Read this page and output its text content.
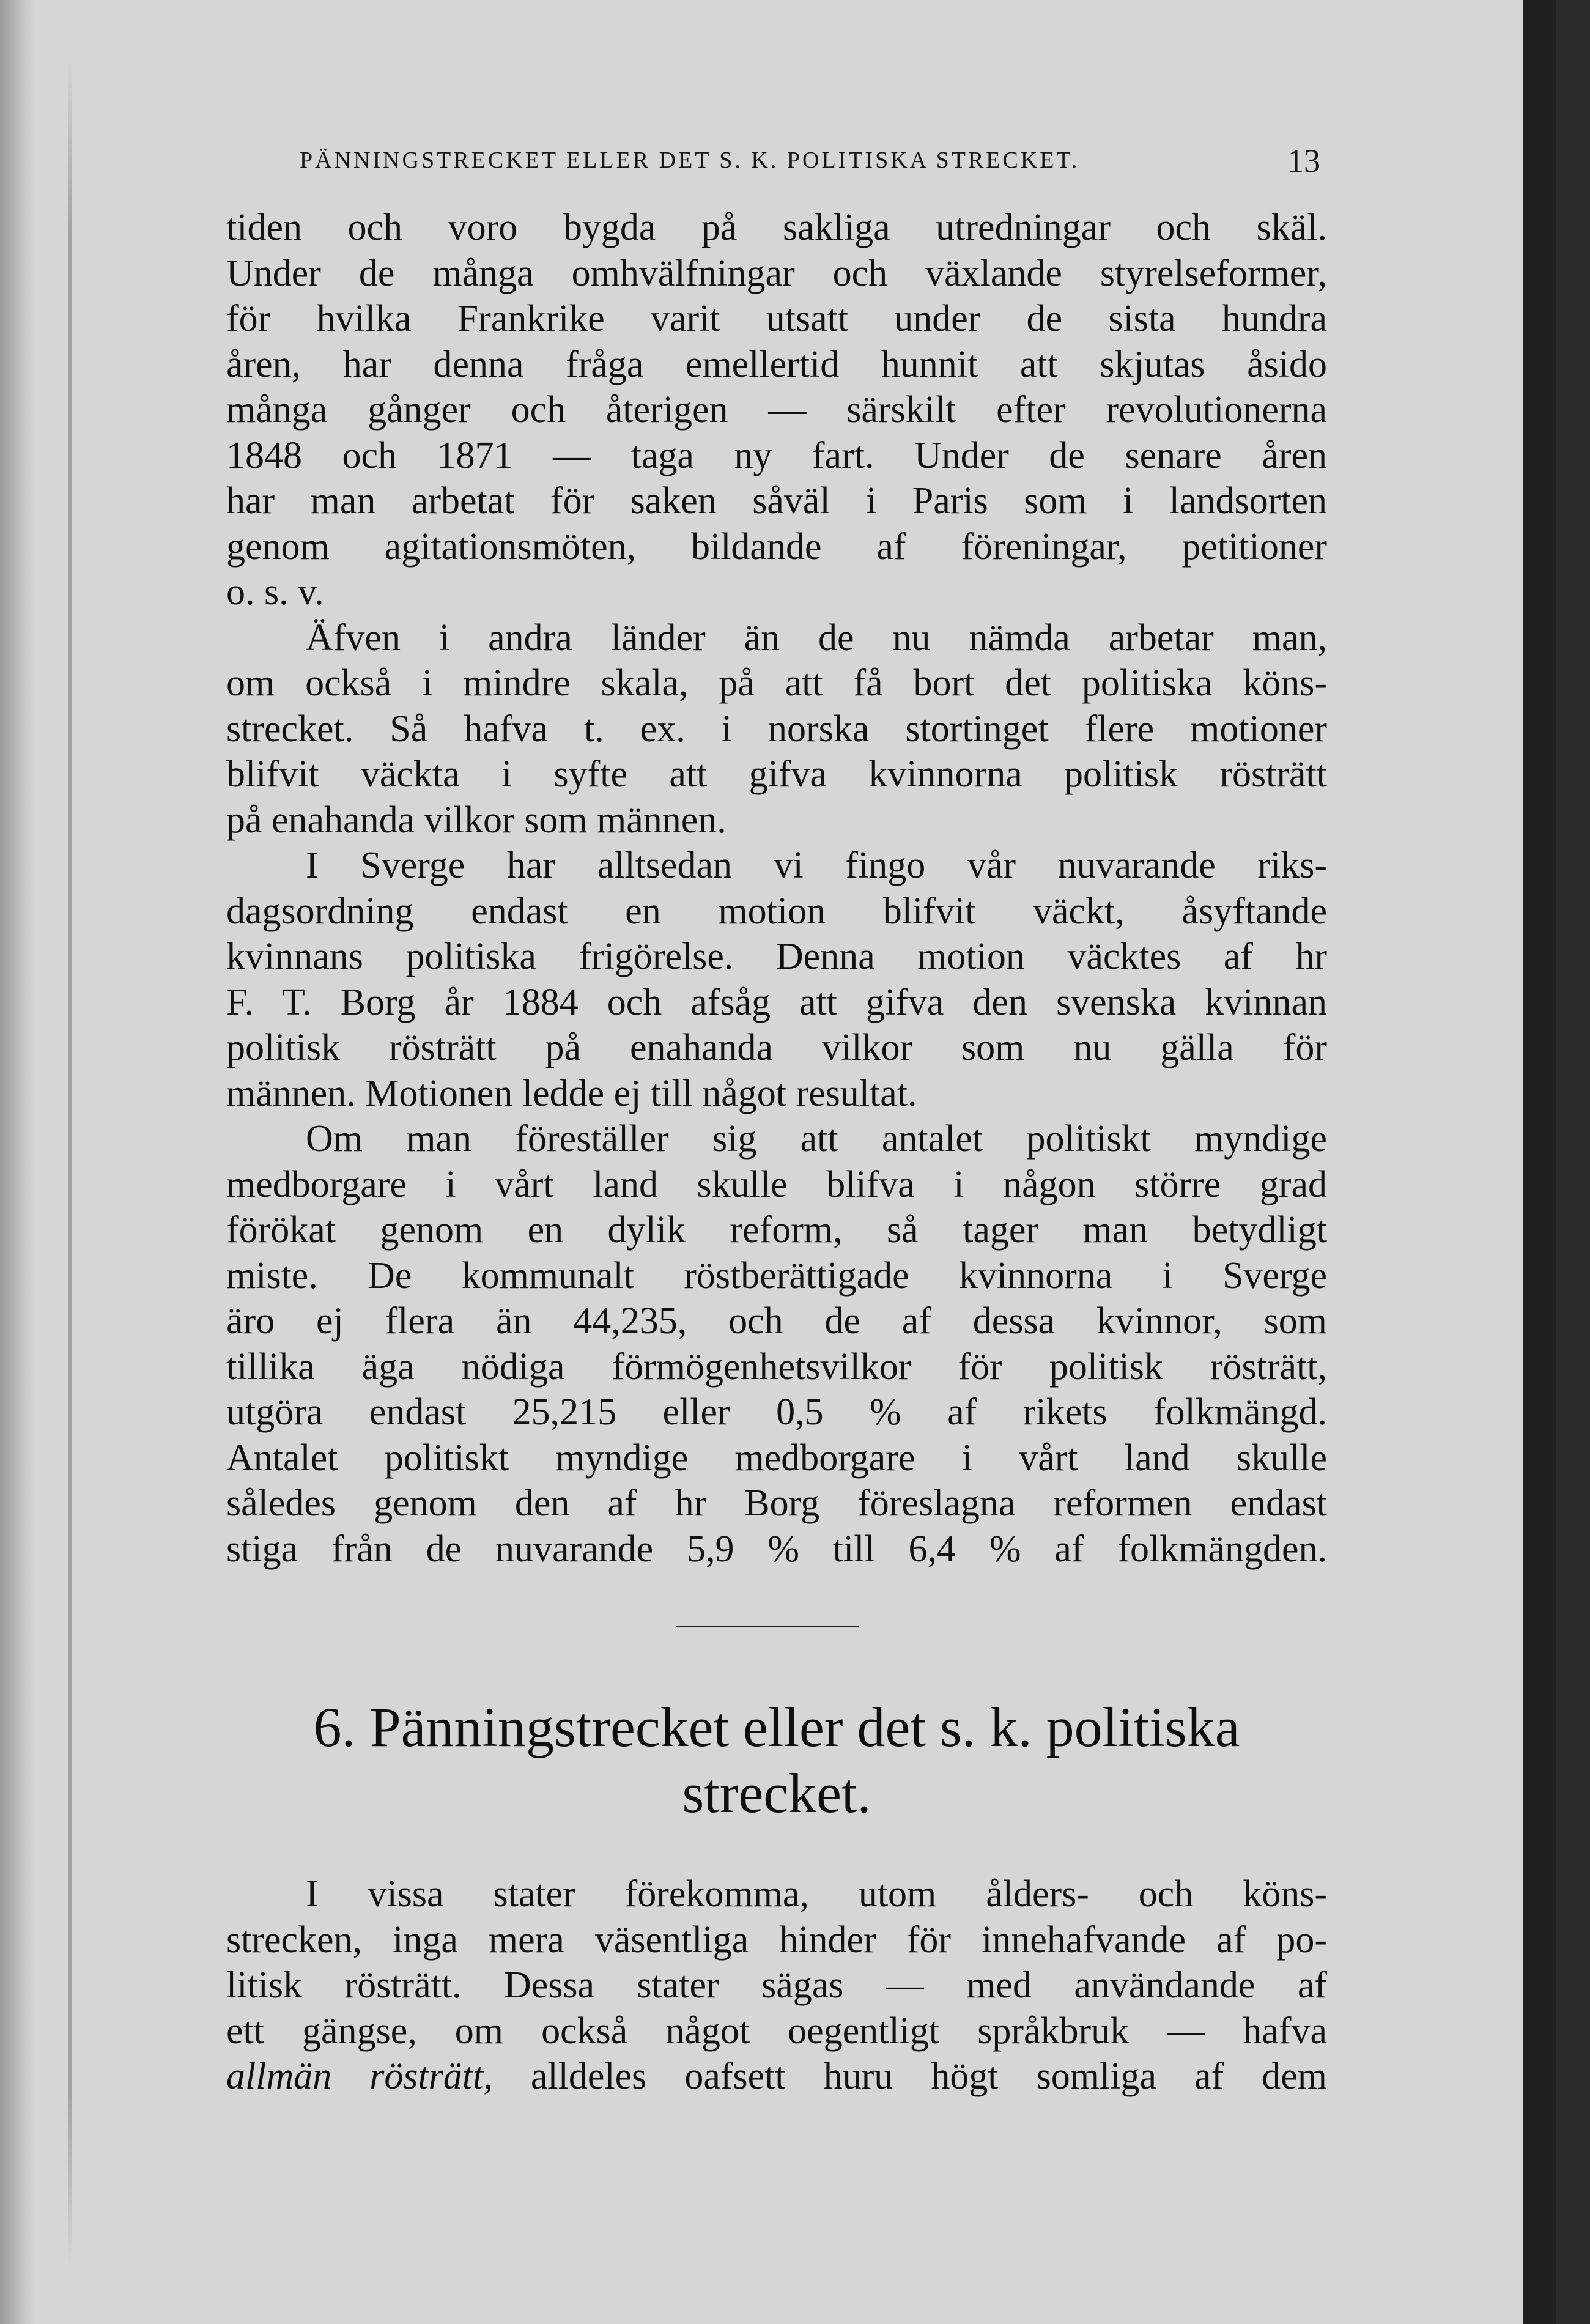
PÄNNINGSTRECKET ELLER DET S. K. POLITISKA STRECKET.	13
tiden och voro bygda på sakliga utredningar och skäl.
Under de många omhvälfningar och växlande styrelseformer,
för hvilka Frankrike varit utsatt under de sista hundra
åren, har denna fråga emellertid hunnit att skjutas åsido
många gånger och återigen — särskilt efter revolutionerna
1848 och 1871 — taga ny fart. Under de senare åren
har man arbetat för saken såväl i Paris som i landsorten
genom agitationsmöten, bildande af föreningar, petitioner
o. s. v.
Äfven i andra länder än de nu nämda arbetar man,
om också i mindre skala, på att få bort det politiska köns-
strecket. Så hafva t. ex. i norska stortinget flere motioner
blifvit väckta i syfte att gifva kvinnorna politisk rösträtt
på enahanda vilkor som männen.
I Sverge har alltsedan vi fingo vår nuvarande riks-
dagsordning endast en motion blifvit väckt, åsyftande
kvinnans politiska frigörelse. Denna motion väcktes af hr
F. T. Borg år 1884 och afsåg att gifva den svenska kvinnan
politisk rösträtt på enahanda vilkor som nu gälla för
männen. Motionen ledde ej till något resultat.
Om man föreställer sig att antalet politiskt myndige
medborgare i vårt land skulle blifva i någon större grad
förökat genom en dylik reform, så tager man betydligt
miste. De kommunalt röstberättigade kvinnorna i Sverge
äro ej flera än 44,235, och de af dessa kvinnor, som
tillika äga nödiga förmögenhetsvilkor för politisk rösträtt,
utgöra endast 25,215 eller 0,5 % af rikets folkmängd.
Antalet politiskt myndige medborgare i vårt land skulle
således genom den af hr Borg föreslagna reformen endast
stiga från de nuvarande 5,9 % till 6,4 % af folkmängden.
6. Pänningstrecket eller det s. k. politiska
strecket.
I vissa stater förekomma, utom ålders- och köns-
strecken, inga mera väsentliga hinder för innehafvande af po-
litisk rösträtt. Dessa stater sägas — med användande af
ett gängse, om också något oegentligt språkbruk — hafva
allmän rösträtt, alldeles oafsett huru högt somliga af dem
